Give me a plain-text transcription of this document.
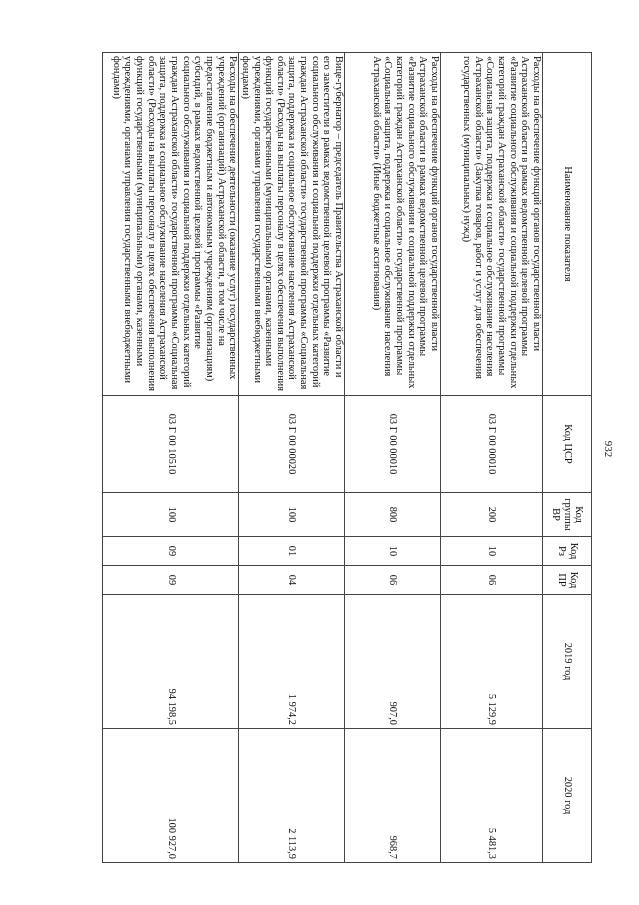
932
Наименование показателя	Код ЦСР	Код группы ВР	Код Рз	Код ПР	2019 год	2020 год
Расходы на обеспечение функций органов государственной власти Астраханской области в рамках ведомственной целевой программы «Развитие социального обслуживания и социальной поддержки отдельных категорий граждан Астраханской области» государственной программы «Социальная защита, поддержка и социальное обслуживание населения Астраханской области» (Закупка товаров, работ и услуг для обеспечения государственных (муниципальных) нужд)	03 Г 00 00010	200	10	06	5 129,9	5 481,3
Расходы на обеспечение функций органов государственной власти Астраханской области в рамках ведомственной целевой программы «Развитие социального обслуживания и социальной поддержки отдельных категорий граждан Астраханской области» государственной программы «Социальная защита, поддержка и социальное обслуживание населения Астраханской области» (Иные бюджетные ассигнования)	03 Г 00 00010	800	10	06	907,0	968,7
Вице-губернатор – председатель Правительства Астраханской области и его заместители в рамках ведомственной целевой программы «Развитие социального обслуживания и социальной поддержки отдельных категорий граждан Астраханской области» государственной программы «Социальная защита, поддержка и социальное обслуживание населения Астраханской области» (Расходы на выплаты персоналу в целях обеспечения выполнения функций государственными (муниципальными) органами, казенными учреждениями, органами управления государственными внебюджетными фондами)	03 Г 00 00020	100	01	04	1 974,2	2 113,9
Расходы на обеспечение деятельности (оказание услуг) государственных учреждений (организаций) Астраханской области, в том числе на предоставление бюджетным и автономным учреждениям (организациям) субсидий, в рамках ведомственной целевой программы «Развитие социального обслуживания и социальной поддержки отдельных категорий граждан Астраханской области» государственной программы «Социальная защита, поддержка и социальное обслуживание населения Астраханской области» (Расходы на выплаты персоналу в целях обеспечения выполнения функций государственными (муниципальными) органами, казенными учреждениями, органами управления государственными внебюджетными фондами)	03 Г 00 10510	100	09	09	94 198,5	100 927,0
